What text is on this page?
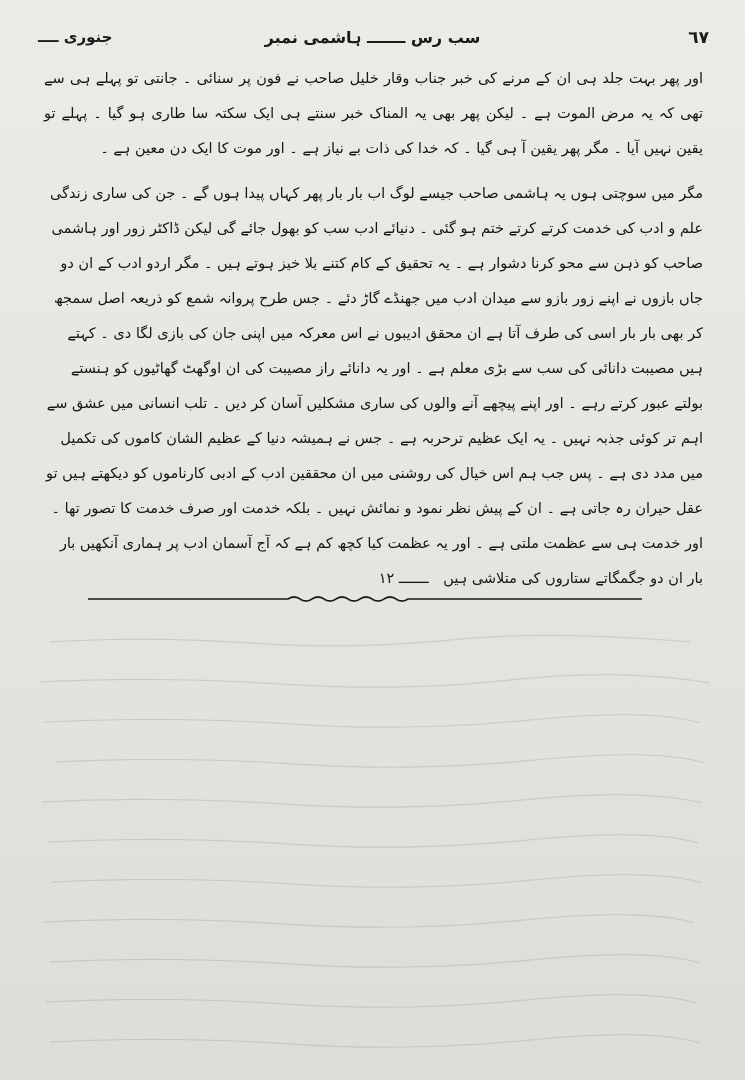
٦٧
سب رس ـــــــ ہاشمی نمبر
جنوری ــــ

اور پھر بہت جلد ہی ان کے مرنے کی خبر جناب وقار خلیل صاحب نے فون پر سنائی ۔ جانتی تو پہلے ہی سے تھی کہ یہ مرض الموت ہے ۔ لیکن پھر بھی یہ المناک خبر سنتے ہی ایک سکتہ سا طاری ہو گیا ۔ پہلے تو یقین نہیں آیا ۔ مگر پھر یقین آ ہی گیا ۔ کہ خدا کی ذات بے نیاز ہے ۔ اور موت کا ایک دن معین ہے ۔

مگر میں سوچتی ہوں یہ ہاشمی صاحب جیسے لوگ اب بار بار پھر کہاں پیدا ہوں گے ۔ جن کی ساری زندگی علم و ادب کی خدمت کرتے کرتے ختم ہو گئی ۔ دنیائے ادب سب کو بھول جائے گی لیکن ڈاکٹر زور اور ہاشمی صاحب کو ذہن سے محو کرنا دشوار ہے ۔ یہ تحقیق کے کام کتنے بلا خیز ہوتے ہیں ۔ مگر اردو ادب کے ان دو جاں بازوں نے اپنے زور بازو سے میدان ادب میں جھنڈے گاڑ دئے ۔ جس طرح پروانہ شمع کو ذریعہ اصل سمجھ کر بھی بار بار اسی کی طرف آتا ہے ان محقق ادیبوں نے اس معرکہ میں اپنی جان کی بازی لگا دی ۔ کہتے ہیں مصیبت دانائی کی سب سے بڑی معلم ہے ۔ اور یہ دانائے راز مصیبت کی ان اوگھٹ گھاٹیوں کو ہنستے بولتے عبور کرتے رہے ۔ اور اپنے پیچھے آنے والوں کی ساری مشکلیں آسان کر دیں ۔ تلب انسانی میں عشق سے اہم تر کوئی جذبہ نہیں ۔ یہ ایک عظیم ترحربہ ہے ۔ جس نے ہمیشہ دنیا کے عظیم الشان کاموں کی تکمیل میں مدد دی ہے ۔ پس جب ہم اس خیال کی روشنی میں ان محققین ادب کے ادبی کارناموں کو دیکھتے ہیں تو عقل حیران رہ جاتی ہے ۔ ان کے پیش نظر نمود و نمائش نہیں ۔ بلکہ خدمت اور صرف خدمت کا تصور تھا ۔ اور خدمت ہی سے عظمت ملتی ہے ۔ اور یہ عظمت کیا کچھ کم ہے کہ آج آسمان ادب پر ہماری آنکھیں بار بار ان دو جگمگاتے ستاروں کی متلاشی ہیں ـــــــ ١٢
